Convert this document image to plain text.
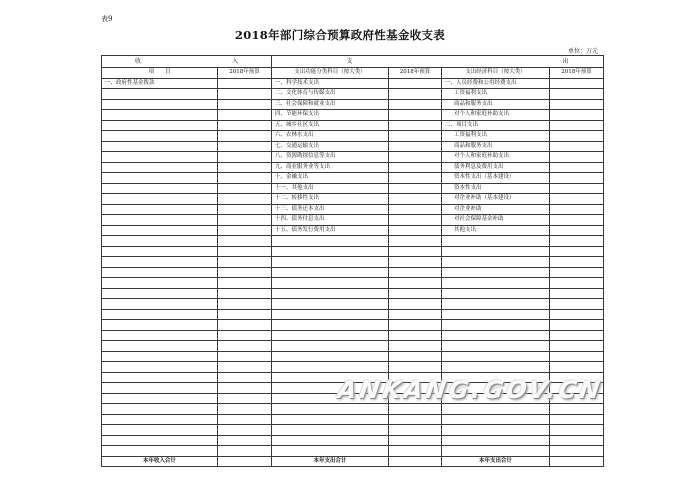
表9
2018年部门综合预算政府性基金收支表
单位：万元
收 入		支 出			

项　　目	2018年预算	支出功能分类科目（按大类）	2018年预算	支出经济科目（按大类）	2018年预算
一、政府性基金拨款		一、科学技术支出		一、人员经费和公用经费支出	
		二、文化体育与传媒支出		工资福利支出	
		三、社会保障和就业支出		商品和服务支出	
		四、节能环保支出		对个人和家庭补助支出	
		五、城乡社区支出		二、项目支出	
		六、农林水支出		工资福利支出	
		七、交通运输支出		商品和服务支出	
		八、资源勘探信息等支出		对个人和家庭补助支出	
		九、商业服务业等支出		债务利息及费用支出	
		十、金融支出		资本性支出（基本建设）	
		十一、其他支出		资本性支出	
		十二、转移性支出		对企业补助（基本建设）	
		十三、债务还本支出		对企业补助	
		十四、债务付息支出		对社会保障基金补助	
		十五、债务发行费用支出		其他支出	

本年收入合计		本年支出合计		本年支出合计	
ANKANG.GOV.CN
